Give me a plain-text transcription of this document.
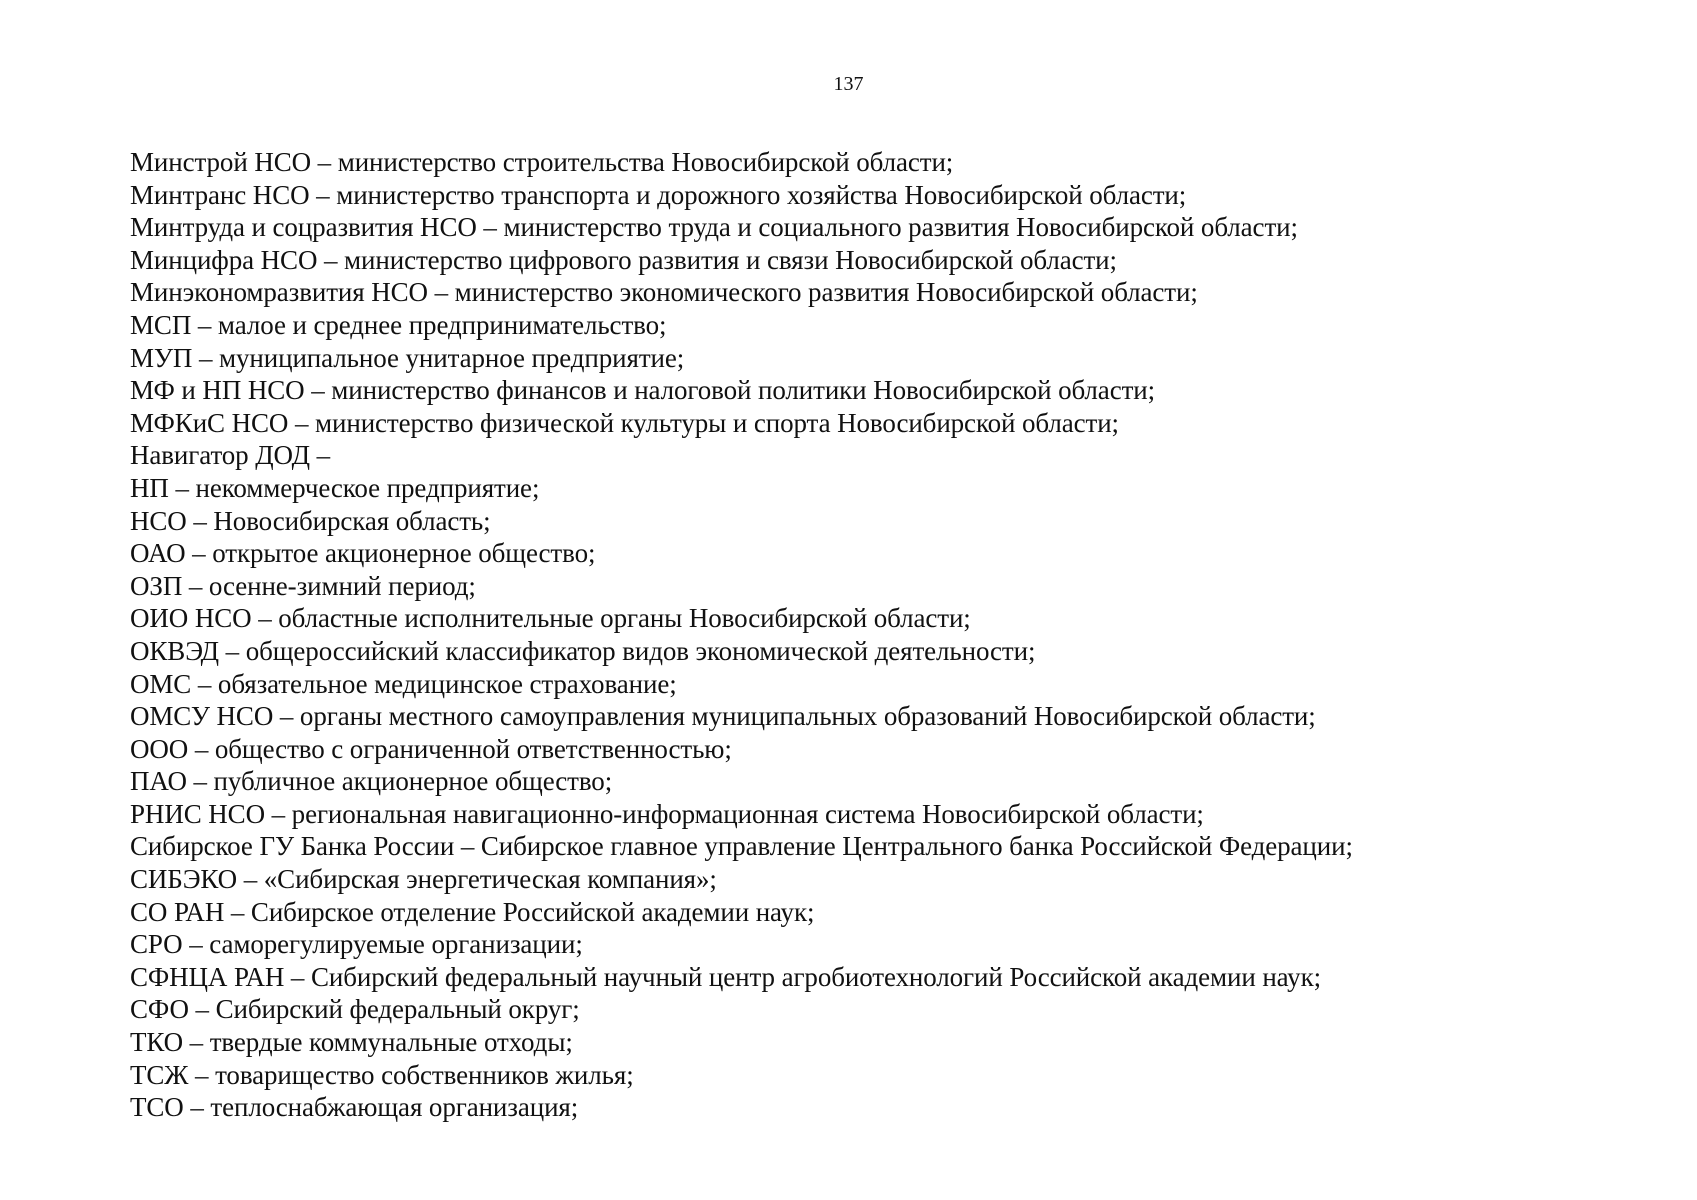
137
Минстрой НСО – министерство строительства Новосибирской области;
Минтранс НСО – министерство транспорта и дорожного хозяйства Новосибирской области;
Минтруда и соцразвития НСО – министерство труда и социального развития Новосибирской области;
Минцифра НСО – министерство цифрового развития и связи Новосибирской области;
Минэкономразвития НСО – министерство экономического развития Новосибирской области;
МСП – малое и среднее предпринимательство;
МУП – муниципальное унитарное предприятие;
МФ и НП НСО – министерство финансов и налоговой политики Новосибирской области;
МФКиС НСО – министерство физической культуры и спорта Новосибирской области;
Навигатор ДОД –
НП – некоммерческое предприятие;
НСО – Новосибирская область;
ОАО – открытое акционерное общество;
ОЗП – осенне-зимний период;
ОИО НСО – областные исполнительные органы Новосибирской области;
ОКВЭД – общероссийский классификатор видов экономической деятельности;
ОМС – обязательное медицинское страхование;
ОМСУ НСО – органы местного самоуправления муниципальных образований Новосибирской области;
ООО – общество с ограниченной ответственностью;
ПАО – публичное акционерное общество;
РНИС НСО – региональная навигационно-информационная система Новосибирской области;
Сибирское ГУ Банка России – Сибирское главное управление Центрального банка Российской Федерации;
СИБЭКО – «Сибирская энергетическая компания»;
СО РАН – Сибирское отделение Российской академии наук;
СРО – саморегулируемые организации;
СФНЦА РАН – Сибирский федеральный научный центр агробиотехнологий Российской академии наук;
СФО – Сибирский федеральный округ;
ТКО – твердые коммунальные отходы;
ТСЖ – товарищество собственников жилья;
ТСО – теплоснабжающая организация;
